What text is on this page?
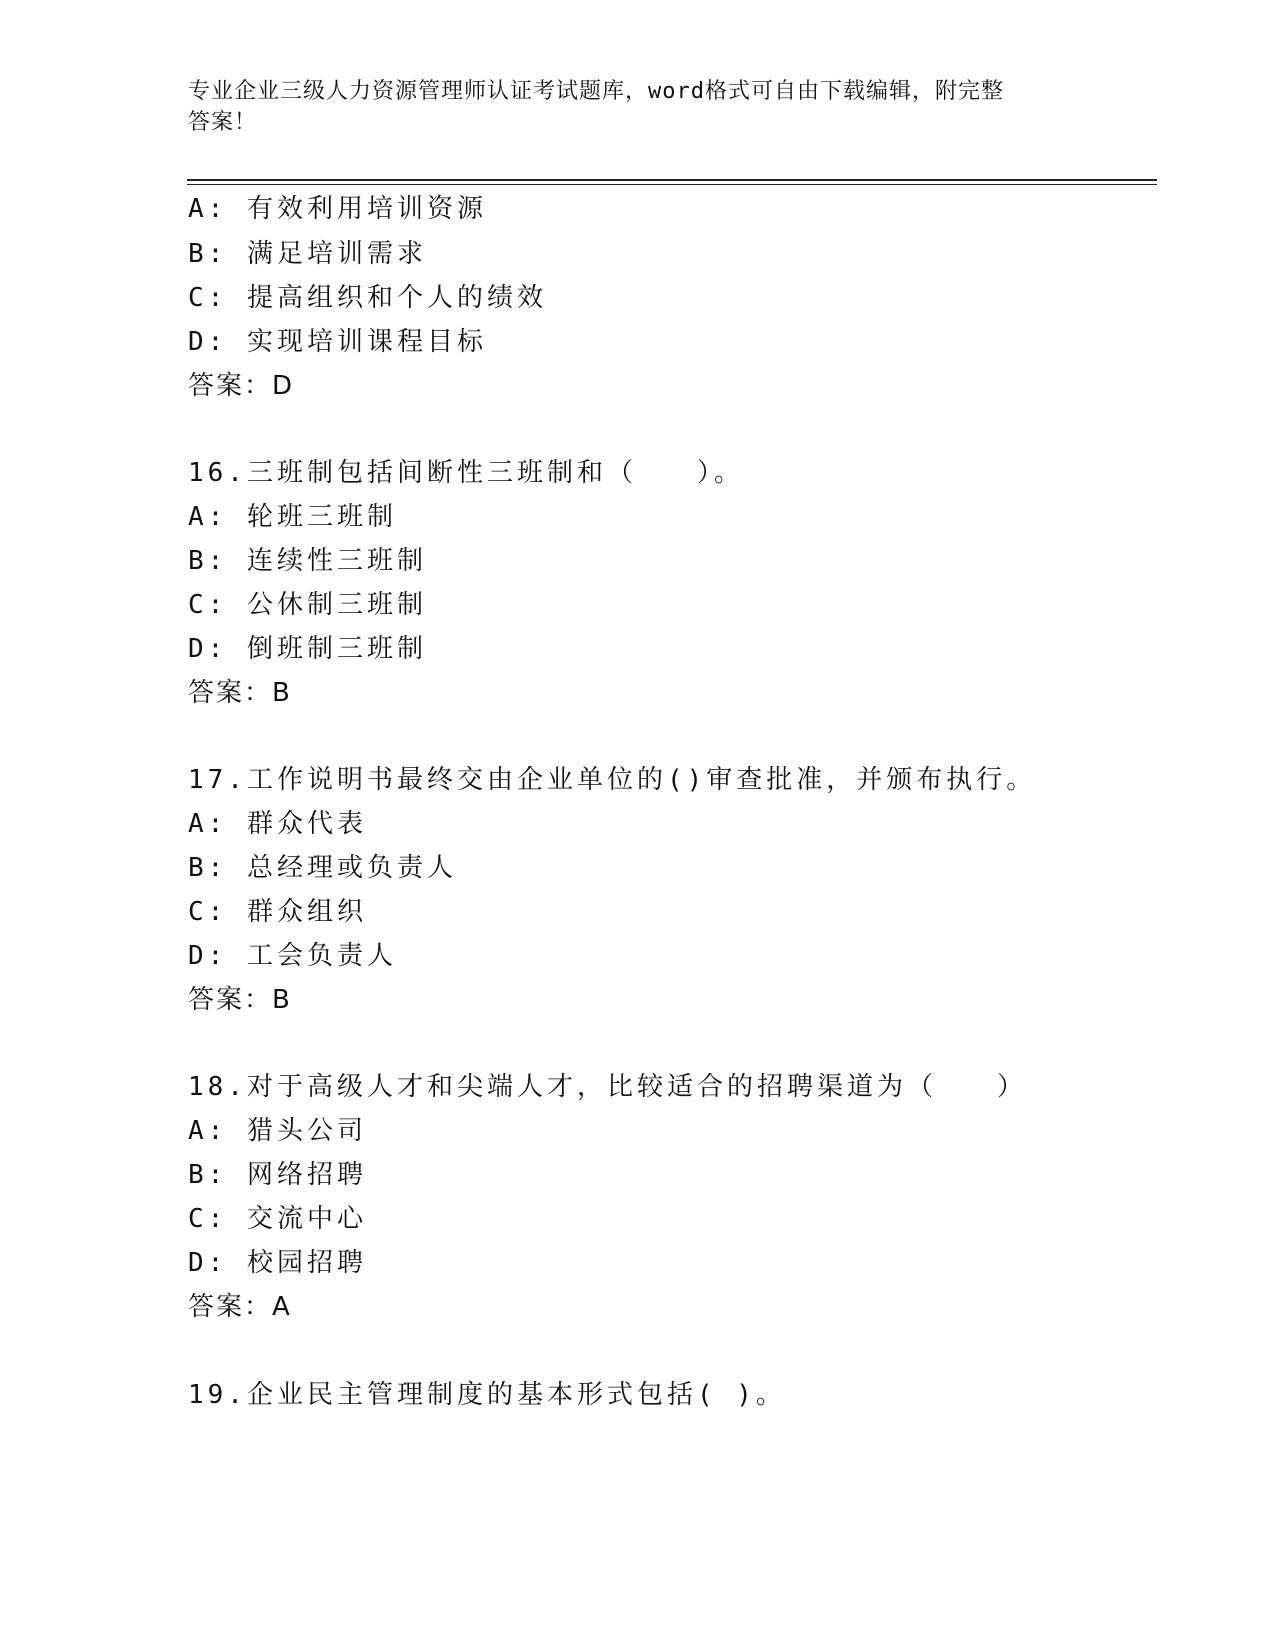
专业企业三级人力资源管理师认证考试题库，word格式可自由下载编辑，附完整
答案！
A: 有效利用培训资源
B: 满足培训需求
C: 提高组织和个人的绩效
D: 实现培训课程目标
答案：D
16.三班制包括间断性三班制和（　　）。
A: 轮班三班制
B: 连续性三班制
C: 公休制三班制
D: 倒班制三班制
答案：B
17.工作说明书最终交由企业单位的()审查批准，并颁布执行。
A: 群众代表
B: 总经理或负责人
C: 群众组织
D: 工会负责人
答案：B
18.对于高级人才和尖端人才，比较适合的招聘渠道为（　　）
A: 猎头公司
B: 网络招聘
C: 交流中心
D: 校园招聘
答案：A
19.企业民主管理制度的基本形式包括( )。
